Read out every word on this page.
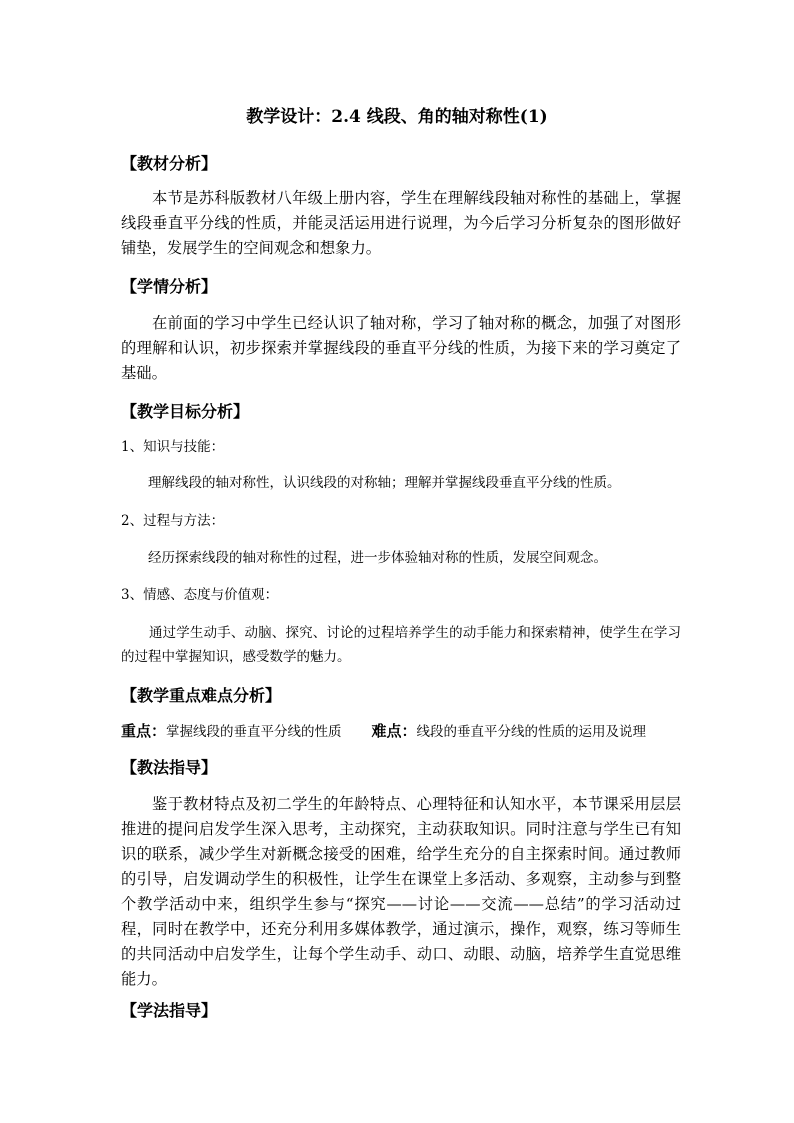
教学设计：2.4 线段、角的轴对称性(1)
【教材分析】

本节是苏科版教材八年级上册内容，学生在理解线段轴对称性的基础上，掌握线段垂直平分线的性质，并能灵活运用进行说理，为今后学习分析复杂的图形做好铺垫，发展学生的空间观念和想象力。

【学情分析】

在前面的学习中学生已经认识了轴对称，学习了轴对称的概念，加强了对图形的理解和认识，初步探索并掌握线段的垂直平分线的性质，为接下来的学习奠定了基础。

【教学目标分析】
1、知识与技能：
理解线段的轴对称性，认识线段的对称轴；理解并掌握线段垂直平分线的性质。
2、过程与方法：
经历探索线段的轴对称性的过程，进一步体验轴对称的性质，发展空间观念。
3、情感、态度与价值观：

通过学生动手、动脑、探究、讨论的过程培养学生的动手能力和探索精神，使学生在学习的过程中掌握知识，感受数学的魅力。

【教学重点难点分析】
重点：掌握线段的垂直平分线的性质 难点：线段的垂直平分线的性质的运用及说理
【教法指导】

鉴于教材特点及初二学生的年龄特点、心理特征和认知水平，本节课采用层层推进的提问启发学生深入思考，主动探究，主动获取知识。同时注意与学生已有知识的联系，减少学生对新概念接受的困难，给学生充分的自主探索时间。通过教师的引导，启发调动学生的积极性，让学生在课堂上多活动、多观察，主动参与到整个教学活动中来，组织学生参与“探究——讨论——交流——总结”的学习活动过程，同时在教学中，还充分利用多媒体教学，通过演示，操作，观察，练习等师生的共同活动中启发学生，让每个学生动手、动口、动眼、动脑，培养学生直觉思维能力。

【学法指导】
